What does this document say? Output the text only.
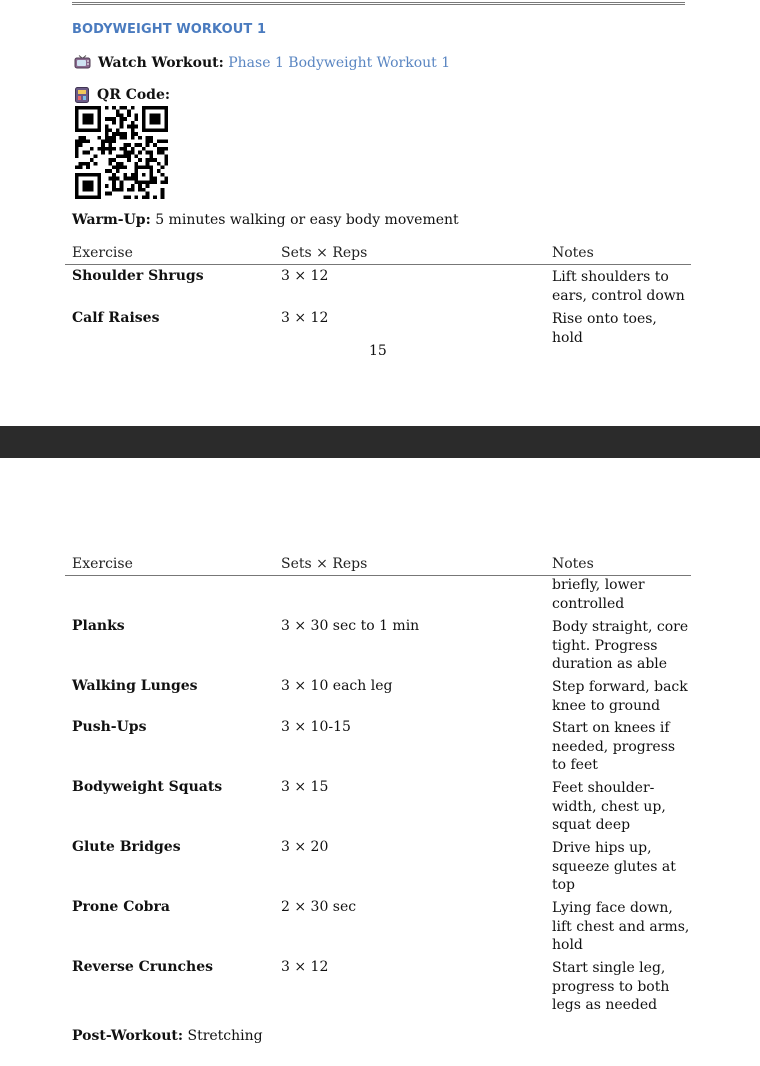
BODYWEIGHT WORKOUT 1
Watch Workout: Phase 1 Bodyweight Workout 1
QR Code:
Warm-Up: 5 minutes walking or easy body movement
Exercise	Sets × Reps	Notes
Shoulder Shrugs	3 × 12	Lift shoulders to ears, control down
Calf Raises	3 × 12	Rise onto toes, hold
15
Exercise	Sets × Reps	Notes
briefly, lower controlled
Planks	3 × 30 sec to 1 min	Body straight, core tight. Progress duration as able
Walking Lunges	3 × 10 each leg	Step forward, back knee to ground
Push-Ups	3 × 10-15	Start on knees if needed, progress to feet
Bodyweight Squats	3 × 15	Feet shoulder-width, chest up, squat deep
Glute Bridges	3 × 20	Drive hips up, squeeze glutes at top
Prone Cobra	2 × 30 sec	Lying face down, lift chest and arms, hold
Reverse Crunches	3 × 12	Start single leg, progress to both legs as needed
Post-Workout: Stretching
